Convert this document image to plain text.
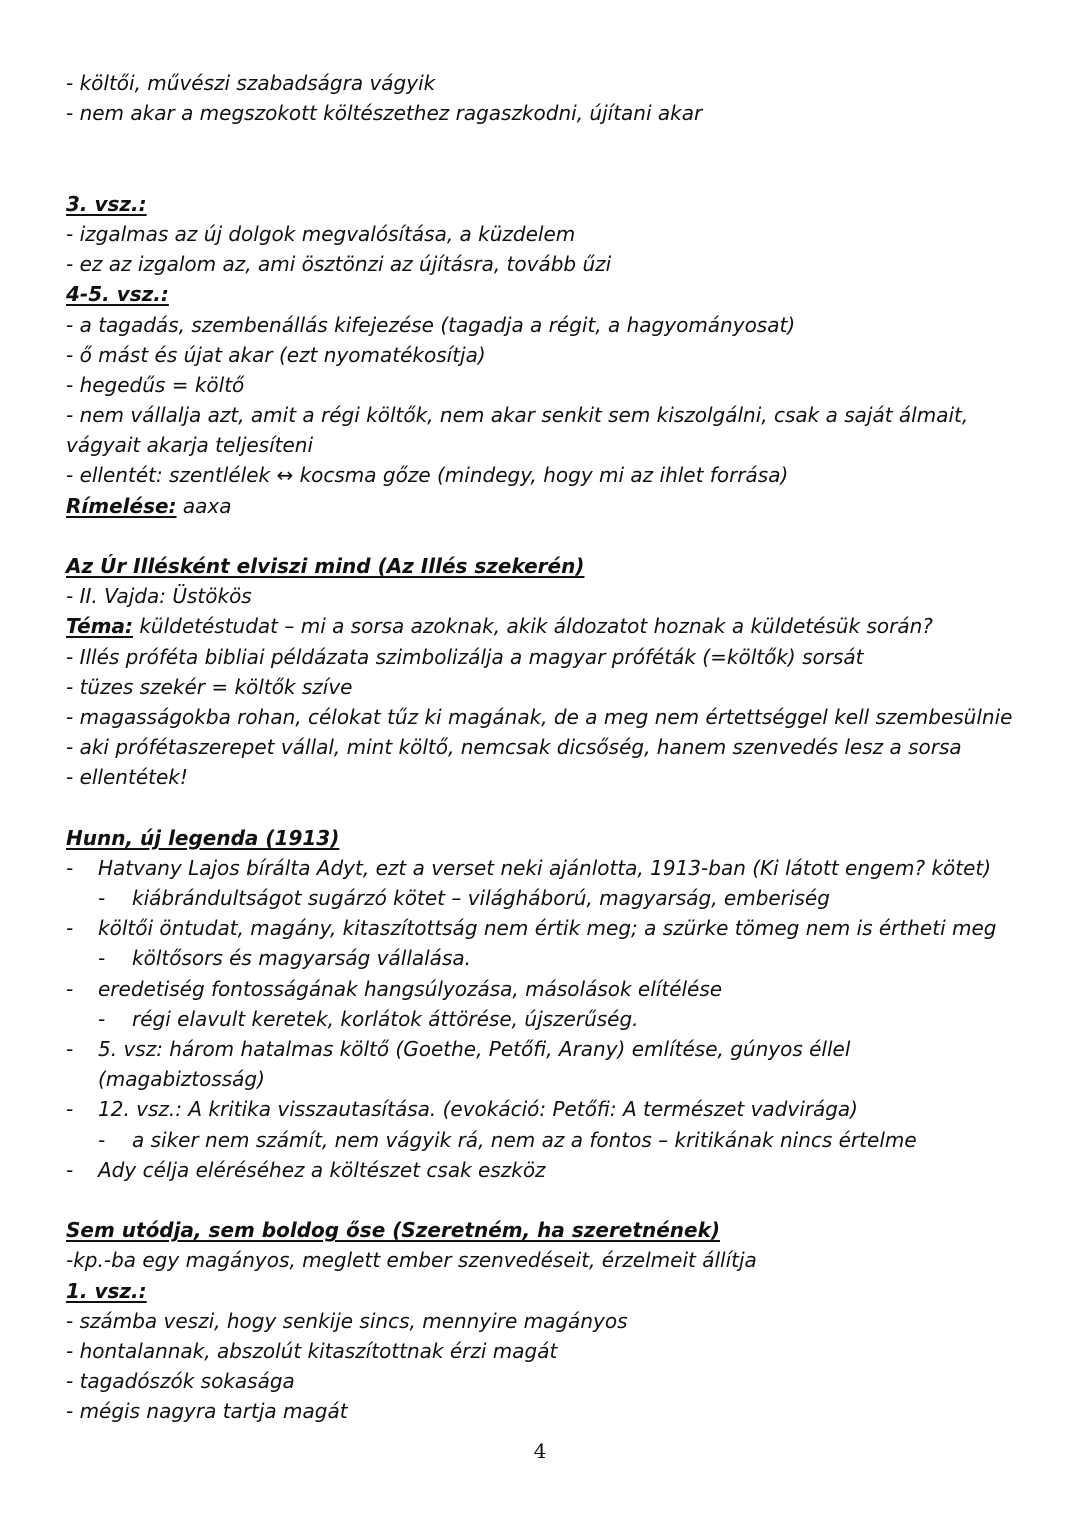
- költői, művészi szabadságra vágyik
- nem akar a megszokott költészethez ragaszkodni, újítani akar
3. vsz.:
- izgalmas az új dolgok megvalósítása, a küzdelem
- ez az izgalom az, ami ösztönzi az újításra, tovább űzi
4-5. vsz.:
- a tagadás, szembenállás kifejezése (tagadja a régit, a hagyományosat)
- ő mást és újat akar (ezt nyomatékosítja)
- hegedűs = költő
- nem vállalja azt, amit a régi költők, nem akar senkit sem kiszolgálni, csak a saját álmait,
vágyait akarja teljesíteni
- ellentét: szentlélek ↔ kocsma gőze (mindegy, hogy mi az ihlet forrása)
Rímelése: aaxa
Az Úr Illésként elviszi mind (Az Illés szekerén)
- II. Vajda: Üstökös
Téma: küldetéstudat – mi a sorsa azoknak, akik áldozatot hoznak a küldetésük során?
- Illés próféta bibliai példázata szimbolizálja a magyar próféták (=költők) sorsát
- tüzes szekér = költők szíve
- magasságokba rohan, célokat tűz ki magának, de a meg nem értettséggel kell szembesülnie
- aki prófétaszerepet vállal, mint költő, nemcsak dicsőség, hanem szenvedés lesz a sorsa
- ellentétek!
Hunn, új legenda (1913)
- Hatvany Lajos bírálta Adyt, ezt a verset neki ajánlotta, 1913-ban (Ki látott engem? kötet)
- kiábrándultságot sugárzó kötet – világháború, magyarság, emberiség
- költői öntudat, magány, kitaszítottság nem értik meg; a szürke tömeg nem is értheti meg
- költősors és magyarság vállalása.
- eredetiség fontosságának hangsúlyozása, másolások elítélése
- régi elavult keretek, korlátok áttörése, újszerűség.
- 5. vsz: három hatalmas költő (Goethe, Petőfi, Arany) említése, gúnyos éllel
(magabiztosság)
- 12. vsz.: A kritika visszautasítása. (evokáció: Petőfi: A természet vadvirága)
- a siker nem számít, nem vágyik rá, nem az a fontos – kritikának nincs értelme
- Ady célja eléréséhez a költészet csak eszköz
Sem utódja, sem boldog őse (Szeretném, ha szeretnének)
-kp.-ba egy magányos, meglett ember szenvedéseit, érzelmeit állítja
1. vsz.:
- számba veszi, hogy senkije sincs, mennyire magányos
- hontalannak, abszolút kitaszítottnak érzi magát
- tagadószók sokasága
- mégis nagyra tartja magát
4
